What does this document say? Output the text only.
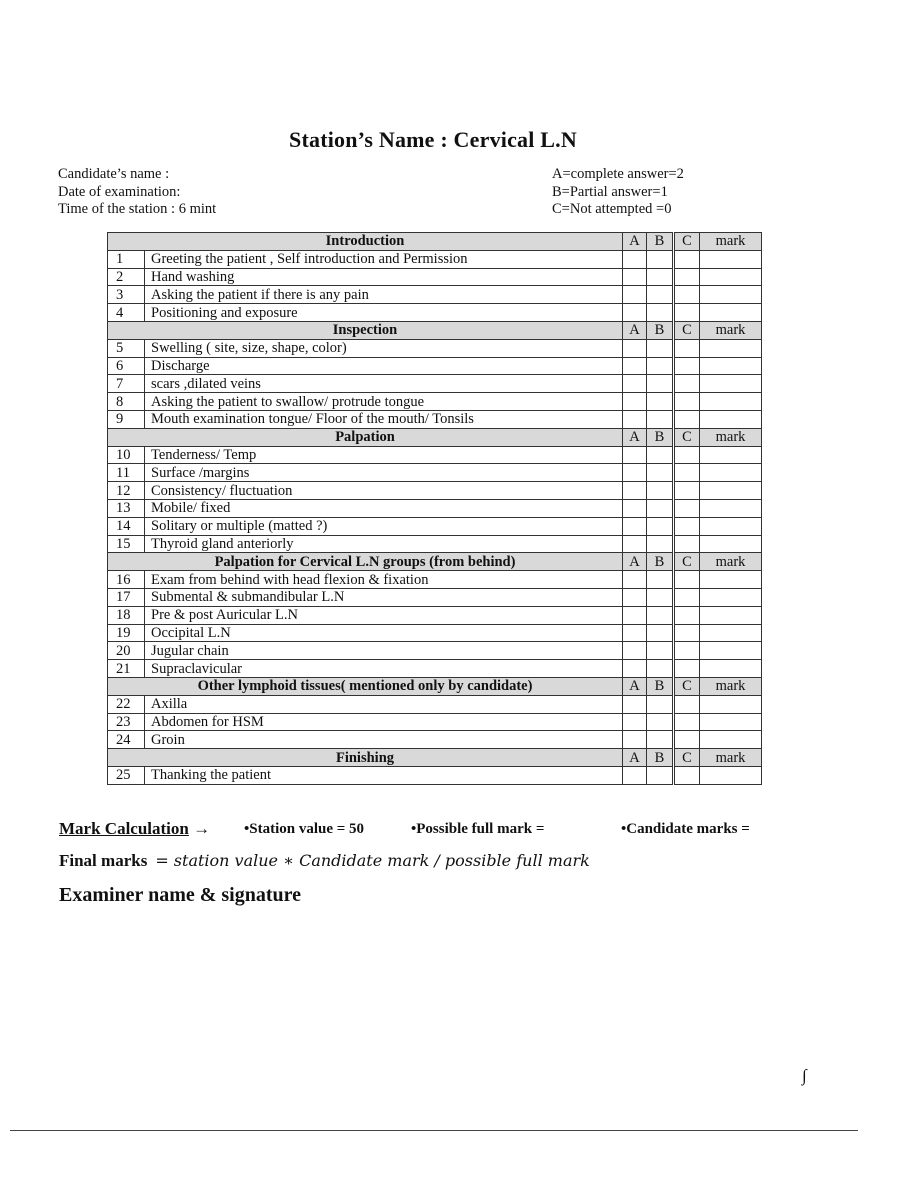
Station’s Name : Cervical L.N
Candidate’s name :
Date of examination:
Time of the station : 6 mint
A=complete answer=2
B=Partial answer=1
C=Not attempted =0
Introduction		A	B	C	mark
1	Greeting the patient , Self introduction and Permission				
2	Hand washing				
3	Asking the patient if there is any pain				
4	Positioning and exposure				
Inspection		A	B	C	mark
5	Swelling ( site, size, shape, color)				
6	Discharge				
7	scars ,dilated veins				
8	Asking the patient to swallow/ protrude tongue				
9	Mouth examination tongue/ Floor of the mouth/ Tonsils				
Palpation		A	B	C	mark
10	Tenderness/ Temp				
11	Surface /margins				
12	Consistency/ fluctuation				
13	Mobile/ fixed				
14	Solitary or multiple (matted ?)				
15	Thyroid gland anteriorly				
Palpation for Cervical L.N groups (from behind)		A	B	C	mark
16	Exam from behind with head flexion & fixation				
17	Submental & submandibular L.N				
18	Pre & post Auricular L.N				
19	Occipital L.N				
20	Jugular chain				
21	Supraclavicular				
Other lymphoid tissues( mentioned only by candidate)		A	B	C	mark
22	Axilla				
23	Abdomen for HSM				
24	Groin				
Finishing		A	B	C	mark
25	Thanking the patient				
Mark Calculation → •Station value = 50	•Possible full mark =	•Candidate marks =
Final marks = station value ∗ Candidate mark / possible full mark
Examiner name & signature
∫
